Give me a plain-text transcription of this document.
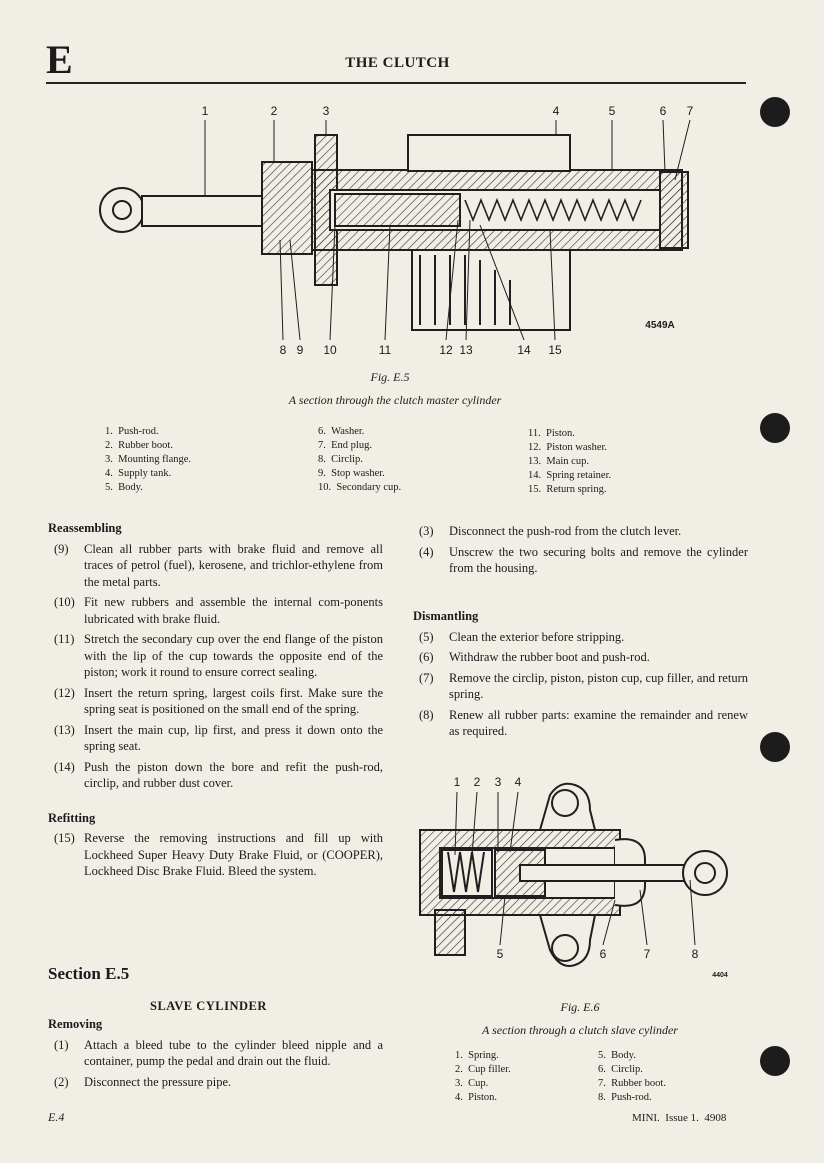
E	THE CLUTCH
1	2	3	4	5	6 7
8 9 10	11	12 13	14 15
4549A
Fig. E.5
A section through the clutch master cylinder
1.  Push-rod.
2.  Rubber boot.
3.  Mounting flange.
4.  Supply tank.
5.  Body.
6.  Washer.
7.  End plug.
8.  Circlip.
9.  Stop washer.
10.  Secondary cup.
11.  Piston.
12.  Piston washer.
13.  Main cup.
14.  Spring retainer.
15.  Return spring.
Reassembling
(9) Clean all rubber parts with brake fluid and remove all traces of petrol (fuel), kerosene, and trichlor-ethylene from the metal parts.
(10) Fit new rubbers and assemble the internal com-ponents lubricated with brake fluid.
(11) Stretch the secondary cup over the end flange of the piston with the lip of the cup towards the opposite end of the piston; work it round to ensure correct sealing.
(12) Insert the return spring, largest coils first. Make sure the spring seat is positioned on the small end of the spring.
(13) Insert the main cup, lip first, and press it down onto the spring seat.
(14) Push the piston down the bore and refit the push-rod, circlip, and rubber dust cover.
Refitting
(15) Reverse the removing instructions and fill up with Lockheed Super Heavy Duty Brake Fluid, or (COOPER), Lockheed Disc Brake Fluid. Bleed the system.
Section E.5
SLAVE CYLINDER
Removing
(1) Attach a bleed tube to the cylinder bleed nipple and a container, pump the pedal and drain out the fluid.
(2) Disconnect the pressure pipe.
(3) Disconnect the push-rod from the clutch lever.
(4) Unscrew the two securing bolts and remove the cylinder from the housing.
Dismantling
(5) Clean the exterior before stripping.
(6) Withdraw the rubber boot and push-rod.
(7) Remove the circlip, piston, piston cup, cup filler, and return spring.
(8) Renew all rubber parts: examine the remainder and renew as required.
1 2 3 4
5	6	7	8
4404
Fig. E.6
A section through a clutch slave cylinder
1.  Spring.
2.  Cup filler.
3.  Cup.
4.  Piston.
5.  Body.
6.  Circlip.
7.  Rubber boot.
8.  Push-rod.
E.4	MINI.  Issue 1.  4908
